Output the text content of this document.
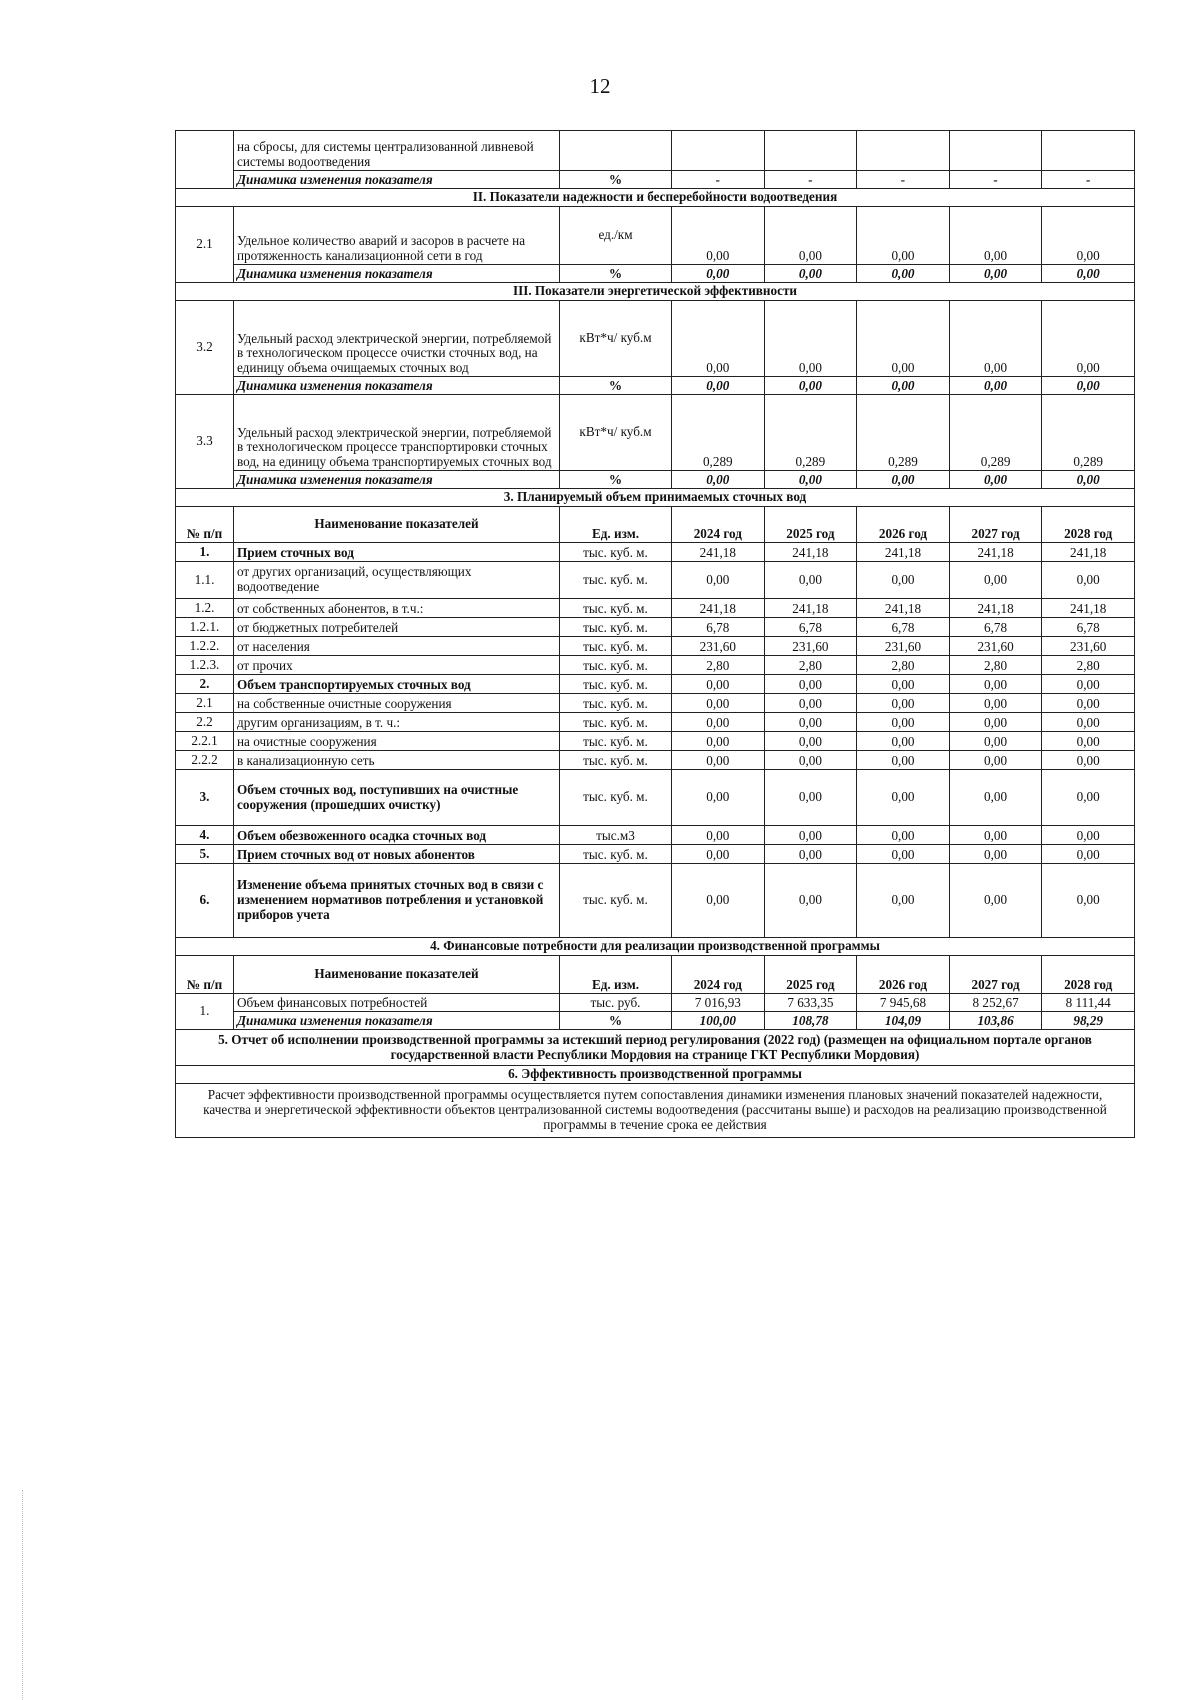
12
	на сбросы, для системы централизованной ливневой системы водоотведения						
	Динамика изменения показателя	%	-	-	-	-	-
II. Показатели надежности и бесперебойности водоотведения							
2.1	Удельное количество аварий и засоров в расчете на протяженность канализационной сети в год	ед./км	0,00	0,00	0,00	0,00	0,00
	Динамика изменения показателя	%	0,00	0,00	0,00	0,00	0,00
III. Показатели энергетической эффективности							
3.2	Удельный расход электрической энергии, потребляемой в технологическом процессе очистки сточных вод, на единицу объема очищаемых сточных вод	кВт*ч/ куб.м	0,00	0,00	0,00	0,00	0,00
	Динамика изменения показателя	%	0,00	0,00	0,00	0,00	0,00
3.3	Удельный расход электрической энергии, потребляемой в технологическом процессе транспортировки сточных вод, на единицу объема транспортируемых сточных вод	кВт*ч/ куб.м	0,289	0,289	0,289	0,289	0,289
	Динамика изменения показателя	%	0,00	0,00	0,00	0,00	0,00
3. Планируемый объем принимаемых сточных вод							
№ п/п	Наименование показателей	Ед. изм.	2024 год	2025 год	2026 год	2027 год	2028 год
1.	Прием сточных вод	тыс. куб. м.	241,18	241,18	241,18	241,18	241,18
1.1.	от других организаций, осуществляющих водоотведение	тыс. куб. м.	0,00	0,00	0,00	0,00	0,00
1.2.	от собственных абонентов, в т.ч.:	тыс. куб. м.	241,18	241,18	241,18	241,18	241,18
1.2.1.	от бюджетных потребителей	тыс. куб. м.	6,78	6,78	6,78	6,78	6,78
1.2.2.	от населения	тыс. куб. м.	231,60	231,60	231,60	231,60	231,60
1.2.3.	от прочих	тыс. куб. м.	2,80	2,80	2,80	2,80	2,80
2.	Объем транспортируемых сточных вод	тыс. куб. м.	0,00	0,00	0,00	0,00	0,00
2.1	на собственные очистные сооружения	тыс. куб. м.	0,00	0,00	0,00	0,00	0,00
2.2	другим организациям, в т. ч.:	тыс. куб. м.	0,00	0,00	0,00	0,00	0,00
2.2.1	на очистные сооружения	тыс. куб. м.	0,00	0,00	0,00	0,00	0,00
2.2.2	в канализационную сеть	тыс. куб. м.	0,00	0,00	0,00	0,00	0,00
3.	Объем сточных вод, поступивших на очистные сооружения (прошедших очистку)	тыс. куб. м.	0,00	0,00	0,00	0,00	0,00
4.	Объем обезвоженного осадка сточных вод	тыс.м3	0,00	0,00	0,00	0,00	0,00
5.	Прием сточных вод от новых абонентов	тыс. куб. м.	0,00	0,00	0,00	0,00	0,00
6.	Изменение объема принятых сточных вод в связи с изменением нормативов потребления и установкой приборов учета	тыс. куб. м.	0,00	0,00	0,00	0,00	0,00
4. Финансовые потребности для реализации производственной программы							
№ п/п	Наименование показателей	Ед. изм.	2024 год	2025 год	2026 год	2027 год	2028 год
1.	Объем финансовых потребностей	тыс. руб.	7 016,93	7 633,35	7 945,68	8 252,67	8 111,44
	Динамика изменения показателя	%	100,00	108,78	104,09	103,86	98,29
5. Отчет об исполнении производственной программы за истекший период регулирования (2022 год) (размещен на официальном портале органов государственной власти Республики Мордовия на странице ГКТ Республики Мордовия)							
6. Эффективность производственной программы							
Расчет эффективности производственной программы осуществляется путем сопоставления динамики изменения плановых значений показателей надежности, качества и энергетической эффективности объектов централизованной системы водоотведения (рассчитаны выше) и расходов на реализацию производственной программы в течение срока ее действия							
